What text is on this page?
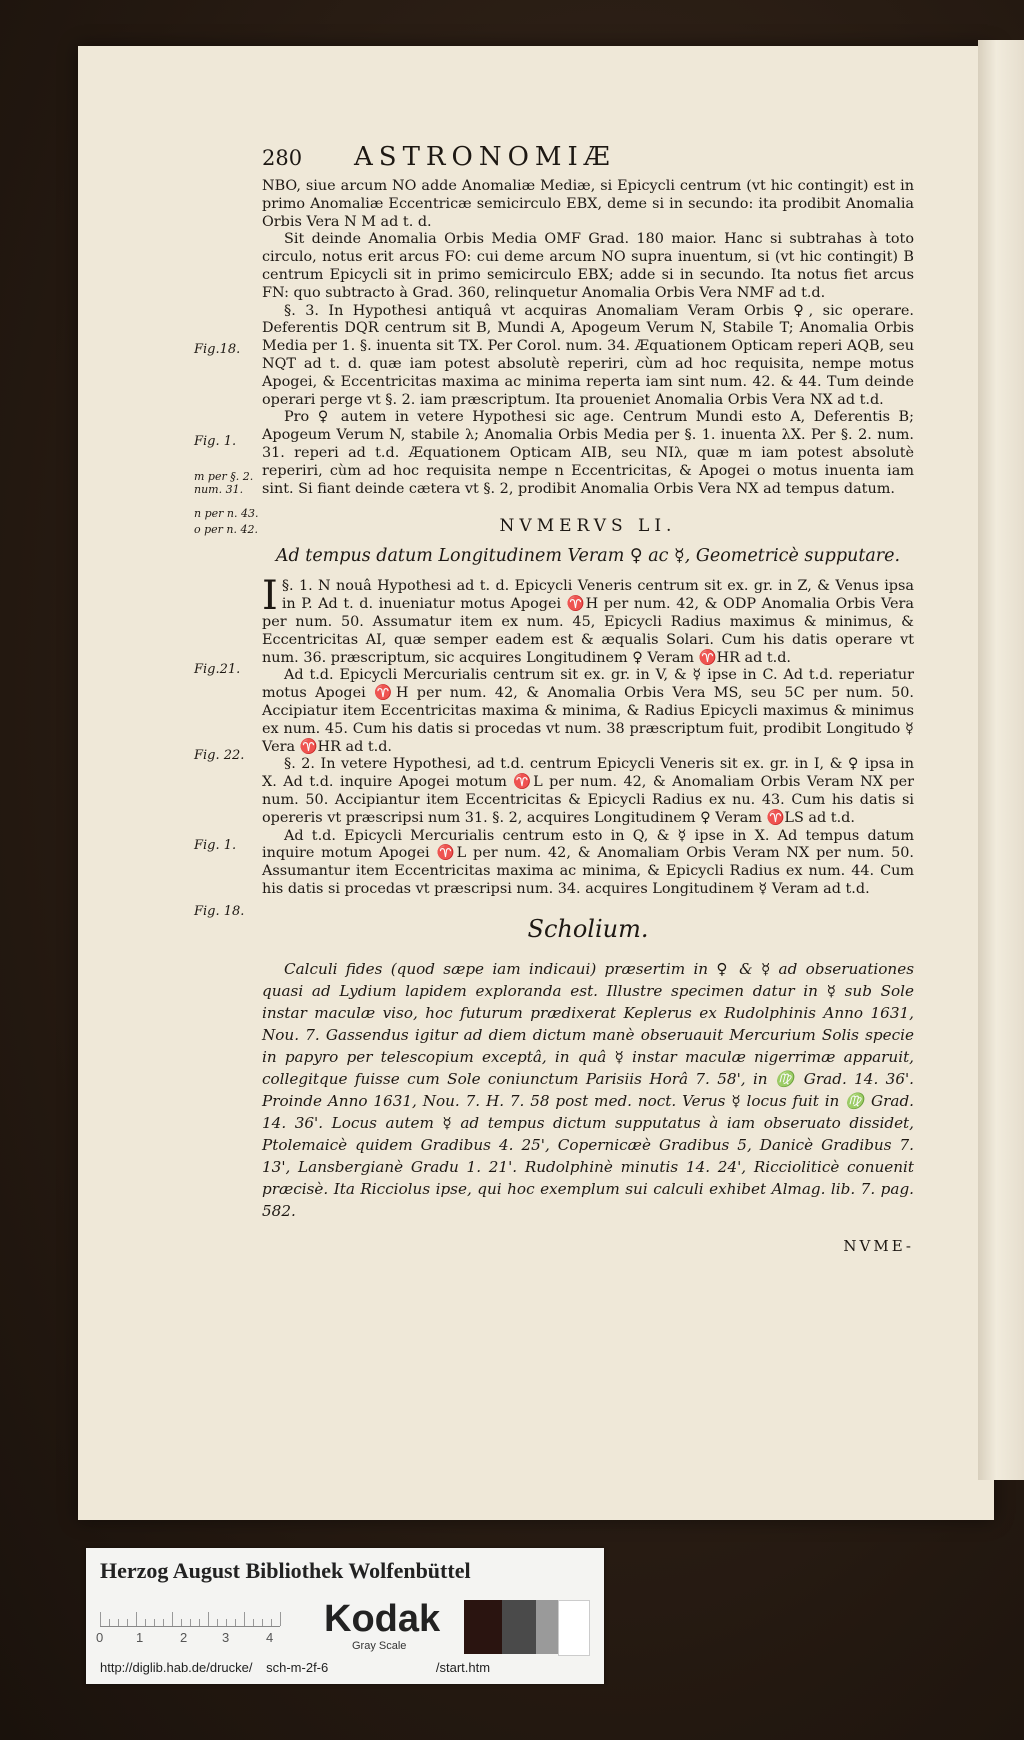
Fig.18.
Fig. 1.
m per §. 2. num. 31.
n per n. 43.
o per n. 42.
Fig.21.
Fig. 22.
Fig. 1.
Fig. 18.
280	ASTRONOMIÆ

NBO, siue arcum NO adde Anomaliæ Mediæ, si Epicycli centrum (vt hic contingit) est in primo Anomaliæ Eccentricæ semicirculo EBX, deme si in secundo: ita prodibit Anomalia Orbis Vera N M ad t. d.

Sit deinde Anomalia Orbis Media OMF Grad. 180 maior. Hanc si subtrahas à toto circulo, notus erit arcus FO: cui deme arcum NO supra inuentum, si (vt hic contingit) B centrum Epicycli sit in primo semicirculo EBX; adde si in secundo. Ita notus fiet arcus FN: quo subtracto à Grad. 360, relinquetur Anomalia Orbis Vera NMF ad t.d.

§. 3. In Hypothesi antiquâ vt acquiras Anomaliam Veram Orbis ♀, sic operare. Deferentis DQR centrum sit B, Mundi A, Apogeum Verum N, Stabile T; Anomalia Orbis Media per 1. §. inuenta sit TX. Per Corol. num. 34. Æquationem Opticam reperi AQB, seu NQT ad t. d. quæ iam potest absolutè reperiri, cùm ad hoc requisita, nempe motus Apogei, & Eccentricitas maxima ac minima reperta iam sint num. 42. & 44. Tum deinde operari perge vt §. 2. iam præscriptum. Ita proueniet Anomalia Orbis Vera NX ad t.d.

Pro ♀ autem in vetere Hypothesi sic age. Centrum Mundi esto A, Deferentis B; Apogeum Verum N, stabile λ; Anomalia Orbis Media per §. 1. inuenta λX. Per §. 2. num. 31. reperi ad t.d. Æquationem Opticam AIB, seu NIλ, quæ m iam potest absolutè reperiri, cùm ad hoc requisita nempe n Eccentricitas, & Apogei o motus inuenta iam sint. Si fiant deinde cætera vt §. 2, prodibit Anomalia Orbis Vera NX ad tempus datum.

NVMERVS LI.
Ad tempus datum Longitudinem Veram ♀ ac ☿, Geometricè supputare.

I §. 1. N nouâ Hypothesi ad t. d. Epicycli Veneris centrum sit ex. gr. in Z, & Venus ipsa in P. Ad t. d. inueniatur motus Apogei ♈H per num. 42, & ODP Anomalia Orbis Vera per num. 50. Assumatur item ex num. 45, Epicycli Radius maximus & minimus, & Eccentricitas AI, quæ semper eadem est & æqualis Solari. Cum his datis operare vt num. 36. præscriptum, sic acquires Longitudinem ♀ Veram ♈HR ad t.d.

Ad t.d. Epicycli Mercurialis centrum sit ex. gr. in V, & ☿ ipse in C. Ad t.d. reperiatur motus Apogei ♈H per num. 42, & Anomalia Orbis Vera MS, seu 5C per num. 50. Accipiatur item Eccentricitas maxima & minima, & Radius Epicycli maximus & minimus ex num. 45. Cum his datis si procedas vt num. 38 præscriptum fuit, prodibit Longitudo ☿ Vera ♈HR ad t.d.

§. 2. In vetere Hypothesi, ad t.d. centrum Epicycli Veneris sit ex. gr. in I, & ♀ ipsa in X. Ad t.d. inquire Apogei motum ♈L per num. 42, & Anomaliam Orbis Veram NX per num. 50. Accipiantur item Eccentricitas & Epicycli Radius ex nu. 43. Cum his datis si opereris vt præscripsi num 31. §. 2, acquires Longitudinem ♀ Veram ♈LS ad t.d.

Ad t.d. Epicycli Mercurialis centrum esto in Q, & ☿ ipse in X. Ad tempus datum inquire motum Apogei ♈L per num. 42, & Anomaliam Orbis Veram NX per num. 50. Assumantur item Eccentricitas maxima ac minima, & Epicycli Radius ex num. 44. Cum his datis si procedas vt præscripsi num. 34. acquires Longitudinem ☿ Veram ad t.d.

Scholium.

Calculi fides (quod sæpe iam indicaui) præsertim in ♀ & ☿ ad obseruationes quasi ad Lydium lapidem exploranda est. Illustre specimen datur in ☿ sub Sole instar maculæ viso, hoc futurum prædixerat Keplerus ex Rudolphinis Anno 1631, Nou. 7. Gassendus igitur ad diem dictum manè obseruauit Mercurium Solis specie in papyro per telescopium exceptâ, in quâ ☿ instar maculæ nigerrimæ apparuit, collegitque fuisse cum Sole coniunctum Parisiis Horâ 7. 58', in ♍ Grad. 14. 36'. Proinde Anno 1631, Nou. 7. H. 7. 58 post med. noct. Verus ☿ locus fuit in ♍ Grad. 14. 36'. Locus autem ☿ ad tempus dictum supputatus à iam obseruato dissidet, Ptolemaicè quidem Gradibus 4. 25', Copernicæè Gradibus 5, Danicè Gradibus 7. 13', Lansbergianè Gradu 1. 21'. Rudolphinè minutis 14. 24', Riccioliticè conuenit præcisè. Ita Ricciolus ipse, qui hoc exemplum sui calculi exhibet Almag. lib. 7. pag. 582.

NVME-
Herzog August Bibliothek Wolfenbüttel
0	1	2	3	4 Kodak
Gray Scale
http://diglib.hab.de/drucke/ sch-m-2f-6	/start.htm
